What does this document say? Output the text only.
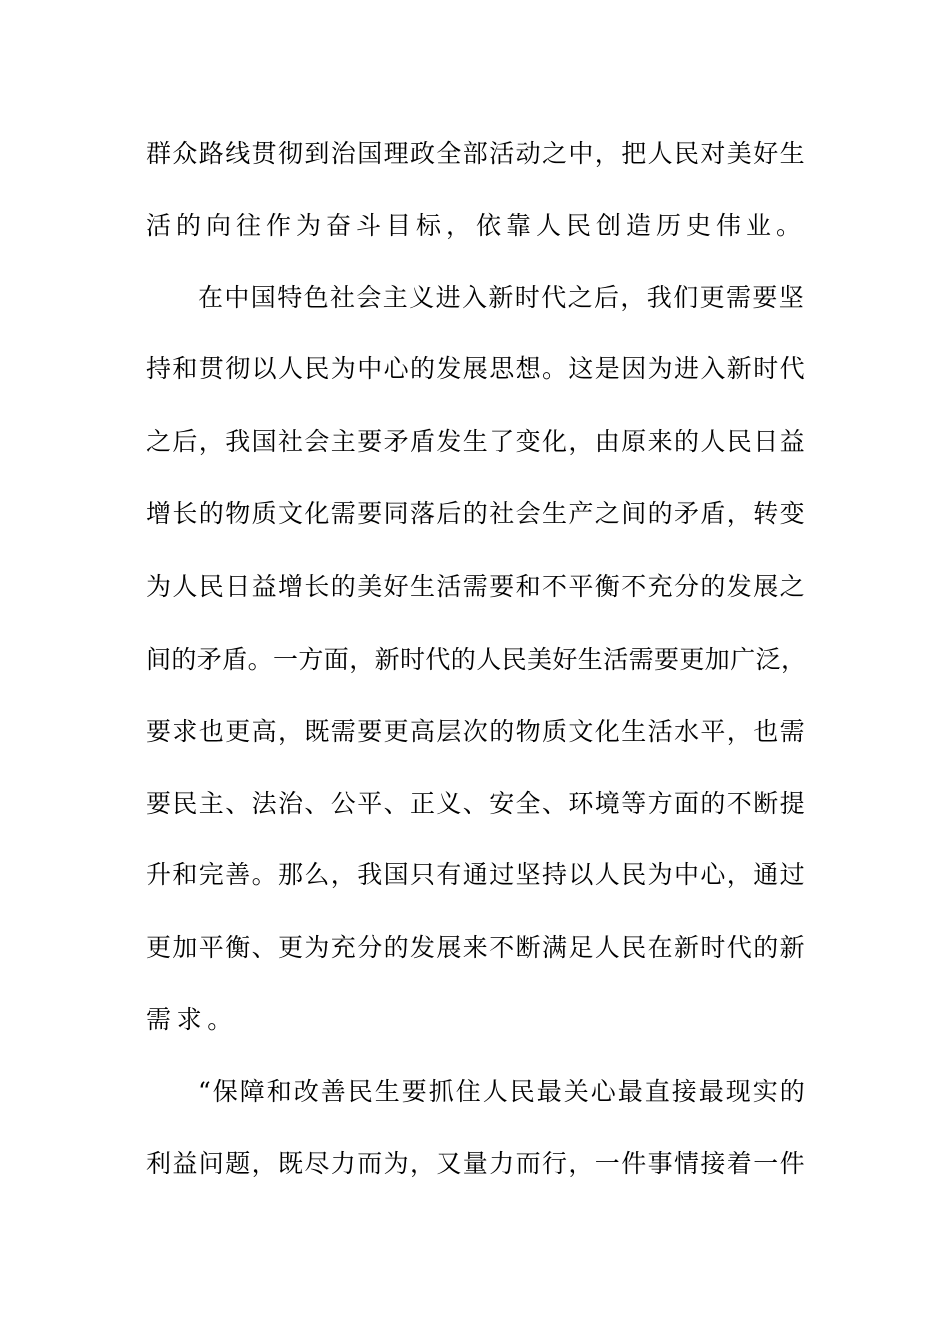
群众路线贯彻到治国理政全部活动之中，把人民对美好生
活的向往作为奋斗目标，依靠人民创造历史伟业。
在中国特色社会主义进入新时代之后，我们更需要坚
持和贯彻以人民为中心的发展思想。这是因为进入新时代
之后，我国社会主要矛盾发生了变化，由原来的人民日益
增长的物质文化需要同落后的社会生产之间的矛盾，转变
为人民日益增长的美好生活需要和不平衡不充分的发展之
间的矛盾。一方面，新时代的人民美好生活需要更加广泛，
要求也更高，既需要更高层次的物质文化生活水平，也需
要民主、法治、公平、正义、安全、环境等方面的不断提
升和完善。那么，我国只有通过坚持以人民为中心，通过
更加平衡、更为充分的发展来不断满足人民在新时代的新
需求。
“保障和改善民生要抓住人民最关心最直接最现实的
利益问题，既尽力而为，又量力而行，一件事情接着一件
